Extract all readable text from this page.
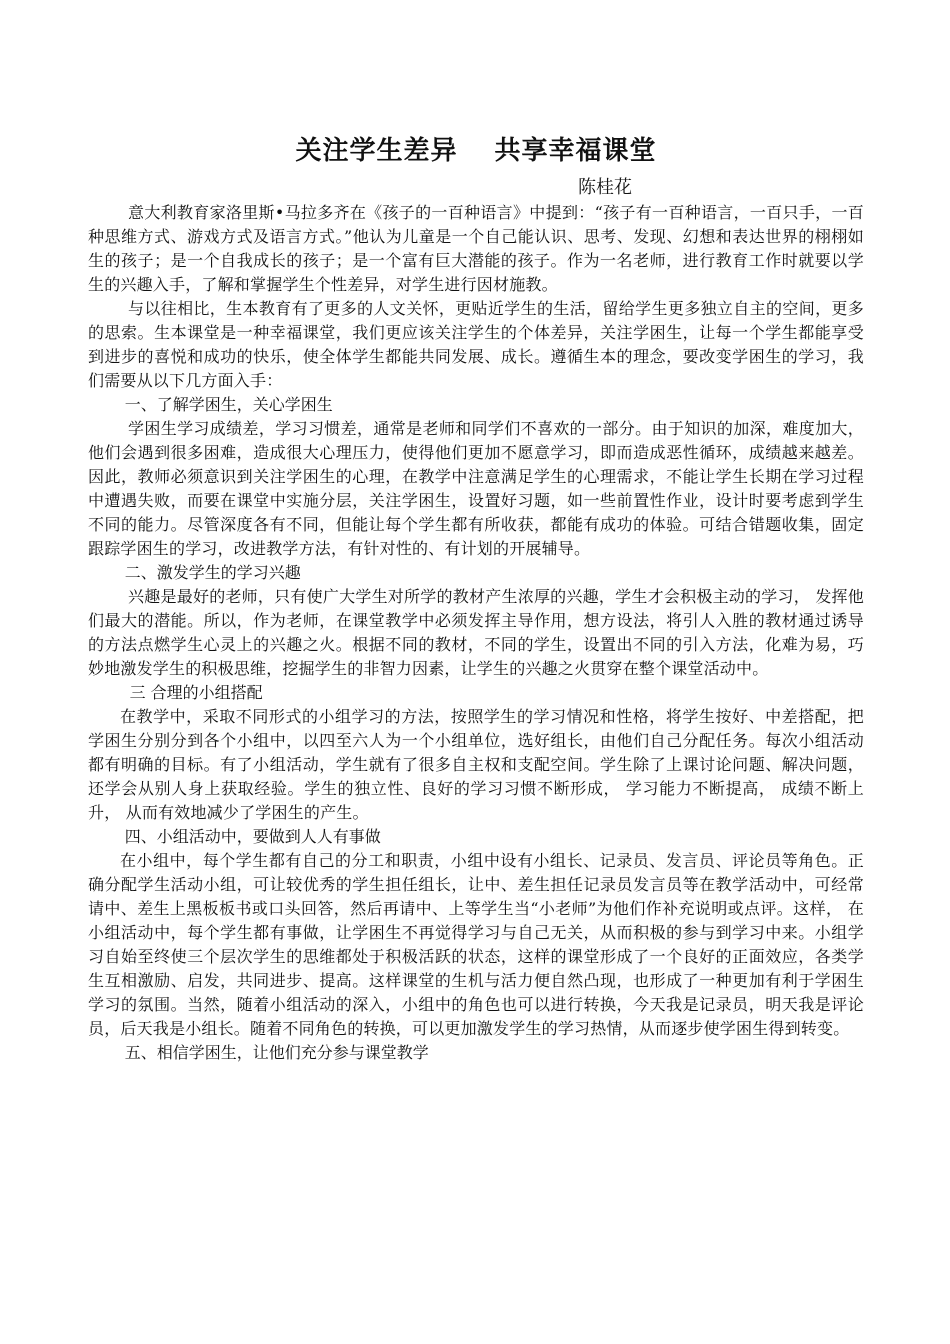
关注学生差异　 共享幸福课堂
陈桂花

意大利教育家洛里斯•马拉多齐在《孩子的一百种语言》中提到：“孩子有一百种语言，一百只手，一百种思维方式、游戏方式及语言方式。”他认为儿童是一个自己能认识、思考、发现、幻想和表达世界的栩栩如生的孩子；是一个自我成长的孩子；是一个富有巨大潜能的孩子。作为一名老师，进行教育工作时就要以学生的兴趣入手，了解和掌握学生个性差异，对学生进行因材施教。

与以往相比，生本教育有了更多的人文关怀，更贴近学生的生活，留给学生更多独立自主的空间，更多的思索。生本课堂是一种幸福课堂，我们更应该关注学生的个体差异，关注学困生，让每一个学生都能享受到进步的喜悦和成功的快乐，使全体学生都能共同发展、成长。遵循生本的理念，要改变学困生的学习，我们需要从以下几方面入手：

一、了解学困生，关心学困生

学困生学习成绩差，学习习惯差，通常是老师和同学们不喜欢的一部分。由于知识的加深，难度加大，他们会遇到很多困难，造成很大心理压力，使得他们更加不愿意学习，即而造成恶性循环，成绩越来越差。因此，教师必须意识到关注学困生的心理，在教学中注意满足学生的心理需求，不能让学生长期在学习过程中遭遇失败，而要在课堂中实施分层，关注学困生，设置好习题，如一些前置性作业，设计时要考虑到学生不同的能力。尽管深度各有不同，但能让每个学生都有所收获，都能有成功的体验。可结合错题收集，固定跟踪学困生的学习，改进教学方法，有针对性的、有计划的开展辅导。

二、激发学生的学习兴趣

兴趣是最好的老师，只有使广大学生对所学的教材产生浓厚的兴趣，学生才会积极主动的学习， 发挥他们最大的潜能。所以，作为老师，在课堂教学中必须发挥主导作用，想方设法，将引人入胜的教材通过诱导的方法点燃学生心灵上的兴趣之火。根据不同的教材，不同的学生，设置出不同的引入方法，化难为易，巧妙地激发学生的积极思维，挖掘学生的非智力因素，让学生的兴趣之火贯穿在整个课堂活动中。

三 合理的小组搭配

在教学中，采取不同形式的小组学习的方法，按照学生的学习情况和性格，将学生按好、中差搭配，把学困生分别分到各个小组中，以四至六人为一个小组单位，选好组长，由他们自己分配任务。每次小组活动都有明确的目标。有了小组活动，学生就有了很多自主权和支配空间。学生除了上课讨论问题、解决问题，还学会从别人身上获取经验。学生的独立性、良好的学习习惯不断形成， 学习能力不断提高， 成绩不断上升， 从而有效地减少了学困生的产生。

四、小组活动中，要做到人人有事做

在小组中，每个学生都有自己的分工和职责，小组中设有小组长、记录员、发言员、评论员等角色。正确分配学生活动小组，可让较优秀的学生担任组长，让中、差生担任记录员发言员等在教学活动中，可经常请中、差生上黑板板书或口头回答，然后再请中、上等学生当“小老师”为他们作补充说明或点评。这样， 在小组活动中，每个学生都有事做，让学困生不再觉得学习与自己无关，从而积极的参与到学习中来。小组学习自始至终使三个层次学生的思维都处于积极活跃的状态，这样的课堂形成了一个良好的正面效应，各类学生互相激励、启发，共同进步、提高。这样课堂的生机与活力便自然凸现，也形成了一种更加有利于学困生学习的氛围。当然，随着小组活动的深入，小组中的角色也可以进行转换，今天我是记录员，明天我是评论员，后天我是小组长。随着不同角色的转换，可以更加激发学生的学习热情，从而逐步使学困生得到转变。

五、相信学困生，让他们充分参与课堂教学
